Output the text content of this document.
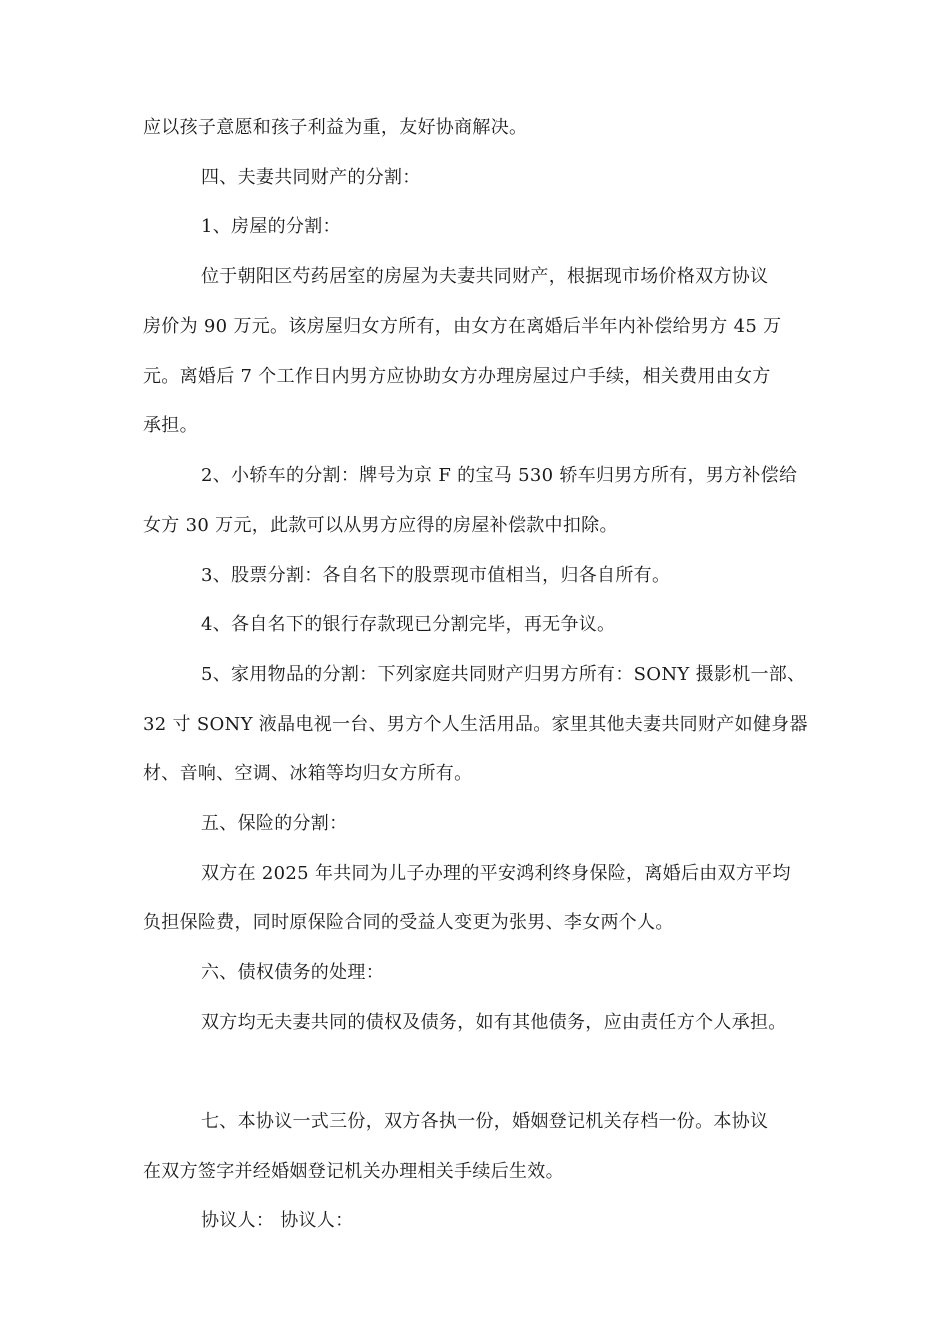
应以孩子意愿和孩子利益为重，友好协商解决。
四、夫妻共同财产的分割：
1、房屋的分割：
位于朝阳区芍药居室的房屋为夫妻共同财产，根据现市场价格双方协议
房价为 90 万元。该房屋归女方所有，由女方在离婚后半年内补偿给男方 45 万
元。离婚后 7 个工作日内男方应协助女方办理房屋过户手续，相关费用由女方
承担。
2、小轿车的分割：牌号为京 F 的宝马 530 轿车归男方所有，男方补偿给
女方 30 万元，此款可以从男方应得的房屋补偿款中扣除。
3、股票分割：各自名下的股票现市值相当，归各自所有。
4、各自名下的银行存款现已分割完毕，再无争议。
5、家用物品的分割：下列家庭共同财产归男方所有：SONY 摄影机一部、
32 寸 SONY 液晶电视一台、男方个人生活用品。家里其他夫妻共同财产如健身器
材、音响、空调、冰箱等均归女方所有。
五、保险的分割：
双方在 2025 年共同为儿子办理的平安鸿利终身保险，离婚后由双方平均
负担保险费，同时原保险合同的受益人变更为张男、李女两个人。
六、债权债务的处理：
双方均无夫妻共同的债权及债务，如有其他债务，应由责任方个人承担。
七、本协议一式三份，双方各执一份，婚姻登记机关存档一份。本协议
在双方签字并经婚姻登记机关办理相关手续后生效。
协议人： 协议人：
